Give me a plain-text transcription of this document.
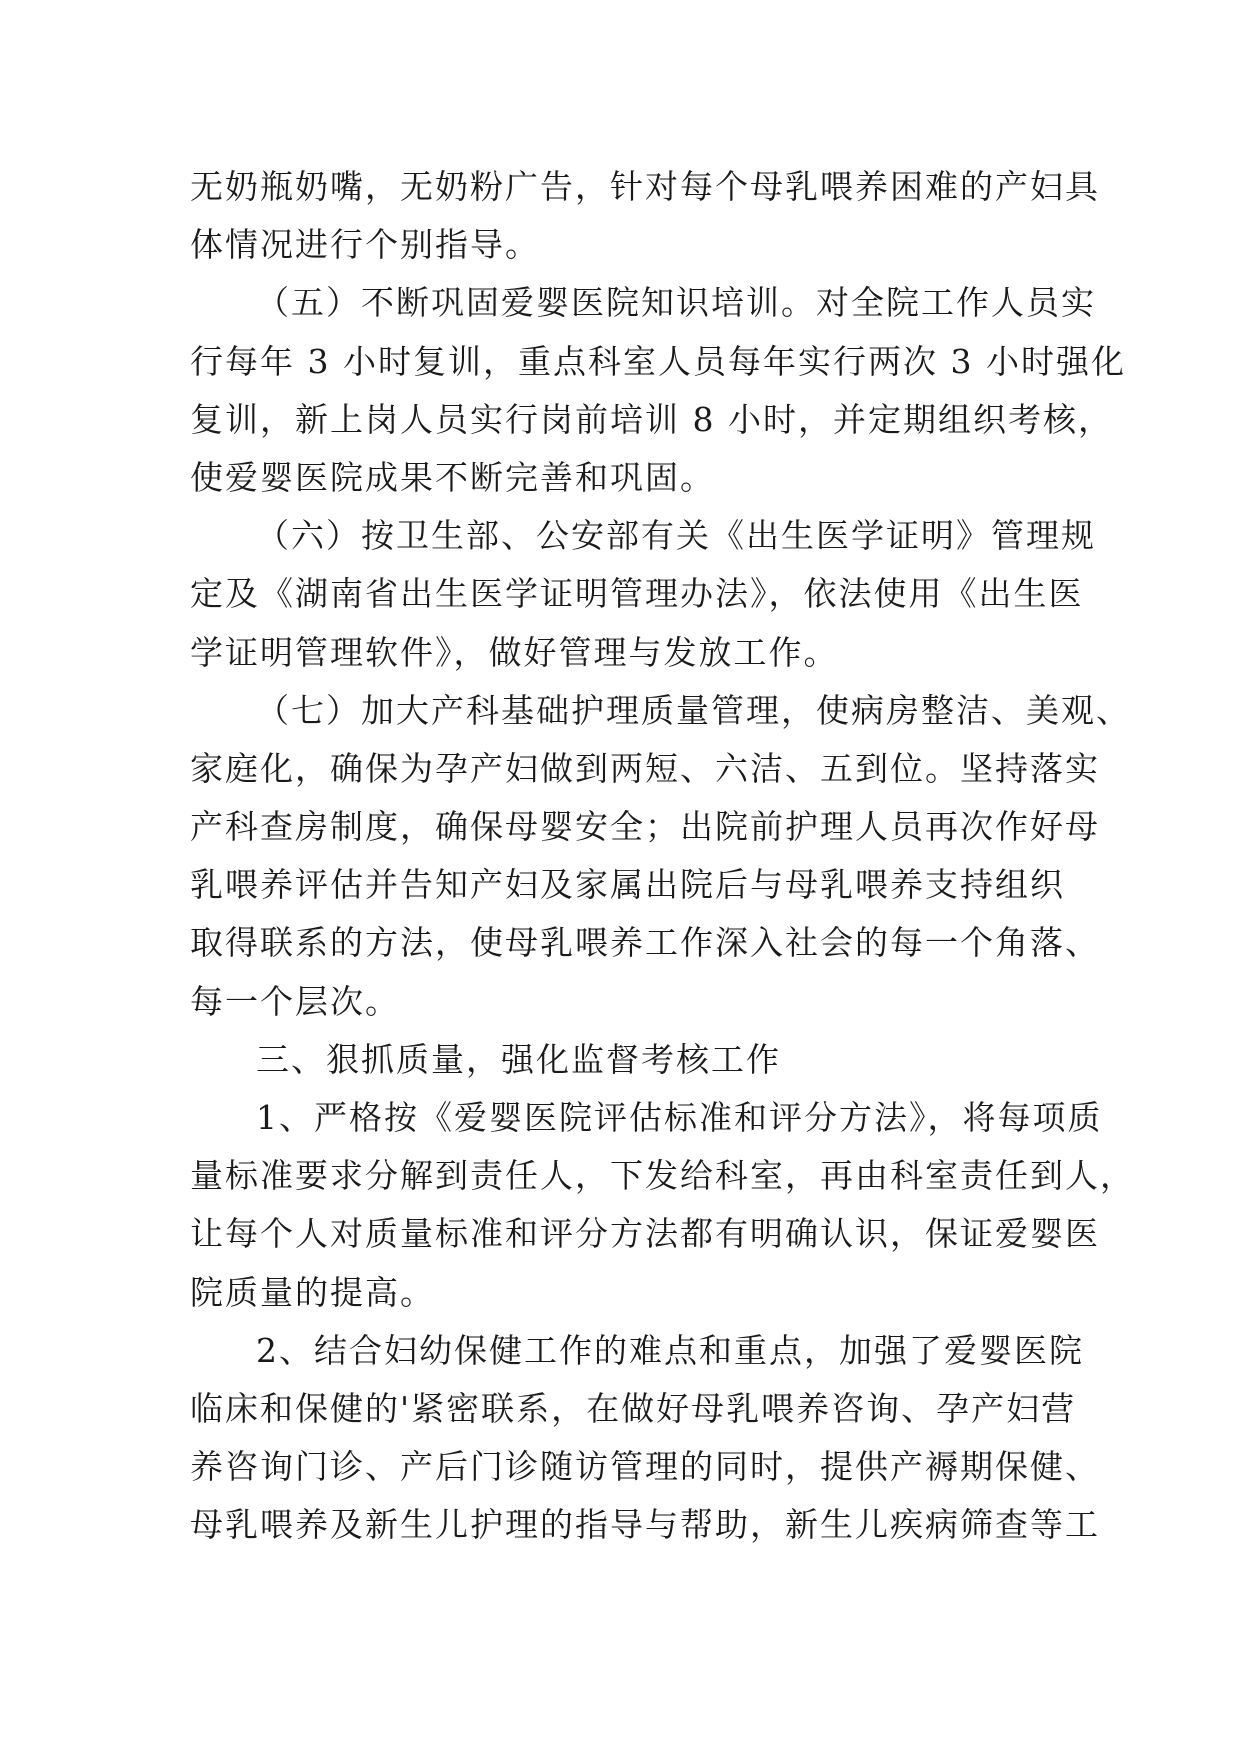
无奶瓶奶嘴，无奶粉广告，针对每个母乳喂养困难的产妇具
体情况进行个别指导。
（五）不断巩固爱婴医院知识培训。对全院工作人员实
行每年 3 小时复训，重点科室人员每年实行两次 3 小时强化
复训，新上岗人员实行岗前培训 8 小时，并定期组织考核，
使爱婴医院成果不断完善和巩固。
（六）按卫生部、公安部有关《出生医学证明》管理规
定及《湖南省出生医学证明管理办法》，依法使用《出生医
学证明管理软件》，做好管理与发放工作。
（七）加大产科基础护理质量管理，使病房整洁、美观、
家庭化，确保为孕产妇做到两短、六洁、五到位。坚持落实
产科查房制度，确保母婴安全；出院前护理人员再次作好母
乳喂养评估并告知产妇及家属出院后与母乳喂养支持组织
取得联系的方法，使母乳喂养工作深入社会的每一个角落、
每一个层次。
三、狠抓质量，强化监督考核工作
1、严格按《爱婴医院评估标准和评分方法》，将每项质
量标准要求分解到责任人，下发给科室，再由科室责任到人，
让每个人对质量标准和评分方法都有明确认识，保证爱婴医
院质量的提高。
2、结合妇幼保健工作的难点和重点，加强了爱婴医院
临床和保健的'紧密联系，在做好母乳喂养咨询、孕产妇营
养咨询门诊、产后门诊随访管理的同时，提供产褥期保健、
母乳喂养及新生儿护理的指导与帮助，新生儿疾病筛查等工
